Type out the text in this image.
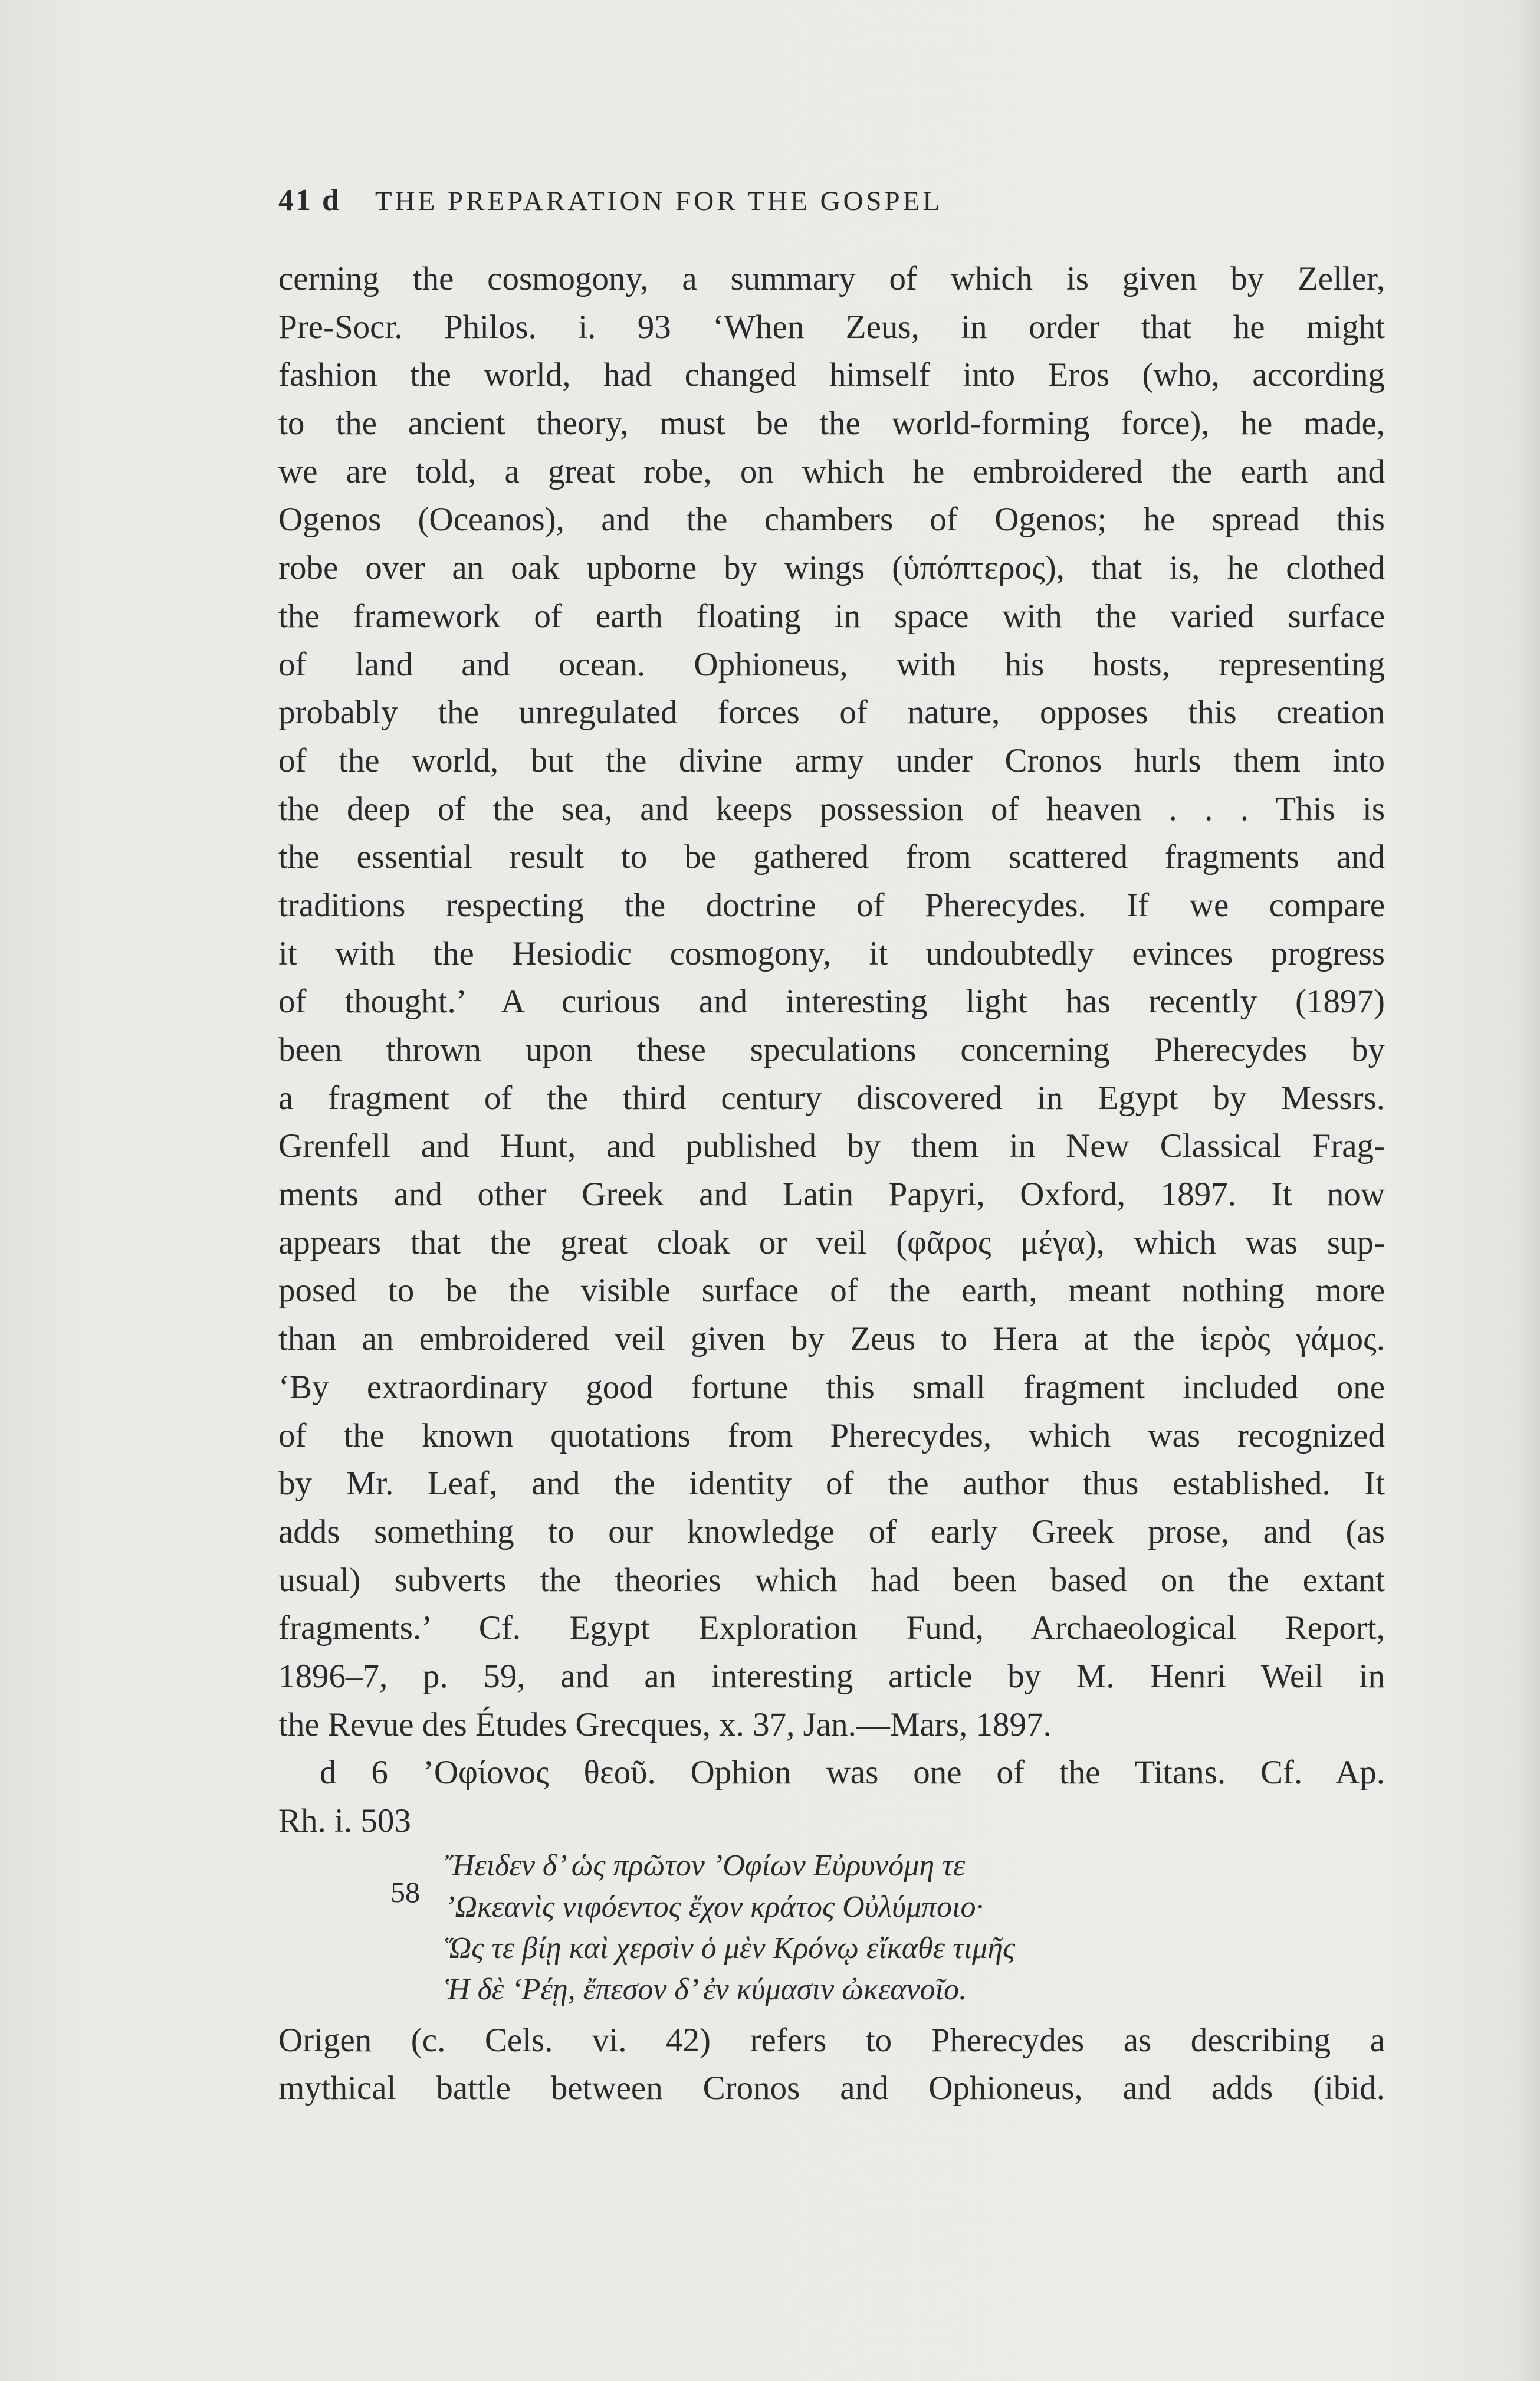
41 d THE PREPARATION FOR THE GOSPEL
cerning the cosmogony, a summary of which is given by Zeller,
Pre-Socr. Philos. i. 93 ‘When Zeus, in order that he might
fashion the world, had changed himself into Eros (who, according
to the ancient theory, must be the world-forming force), he made,
we are told, a great robe, on which he embroidered the earth and
Ogenos (Oceanos), and the chambers of Ogenos; he spread this
robe over an oak upborne by wings (ὑπόπτερος), that is, he clothed
the framework of earth floating in space with the varied surface
of land and ocean. Ophioneus, with his hosts, representing
probably the unregulated forces of nature, opposes this creation
of the world, but the divine army under Cronos hurls them into
the deep of the sea, and keeps possession of heaven . . . This is
the essential result to be gathered from scattered fragments and
traditions respecting the doctrine of Pherecydes. If we compare
it with the Hesiodic cosmogony, it undoubtedly evinces progress
of thought.’ A curious and interesting light has recently (1897)
been thrown upon these speculations concerning Pherecydes by
a fragment of the third century discovered in Egypt by Messrs.
Grenfell and Hunt, and published by them in New Classical Frag-
ments and other Greek and Latin Papyri, Oxford, 1897. It now
appears that the great cloak or veil (φᾶρος μέγα), which was sup-
posed to be the visible surface of the earth, meant nothing more
than an embroidered veil given by Zeus to Hera at the ἱερὸς γάμος.
‘By extraordinary good fortune this small fragment included one
of the known quotations from Pherecydes, which was recognized
by Mr. Leaf, and the identity of the author thus established. It
adds something to our knowledge of early Greek prose, and (as
usual) subverts the theories which had been based on the extant
fragments.’ Cf. Egypt Exploration Fund, Archaeological Report,
1896–7, p. 59, and an interesting article by M. Henri Weil in
the Revue des Études Grecques, x. 37, Jan.—Mars, 1897.
d 6 ’Οφίονος θεοῦ. Ophion was one of the Titans. Cf. Ap.
Rh. i. 503
Ἤειδεν δ’ ὡς πρῶτον ’Οφίων Εὐρυνόμη τε
’Ωκεανὶς νιφόεντος ἔχον κράτος Οὐλύμποιο·
Ὥς τε βίῃ καὶ χερσὶν ὁ μὲν Κρόνῳ εἴκαθε τιμῆς
Ἡ δὲ ‘Ρέῃ, ἔπεσον δ’ ἐν κύμασιν ὠκεανοῖο.
Origen (c. Cels. vi. 42) refers to Pherecydes as describing a
mythical battle between Cronos and Ophioneus, and adds (ibid.
58
